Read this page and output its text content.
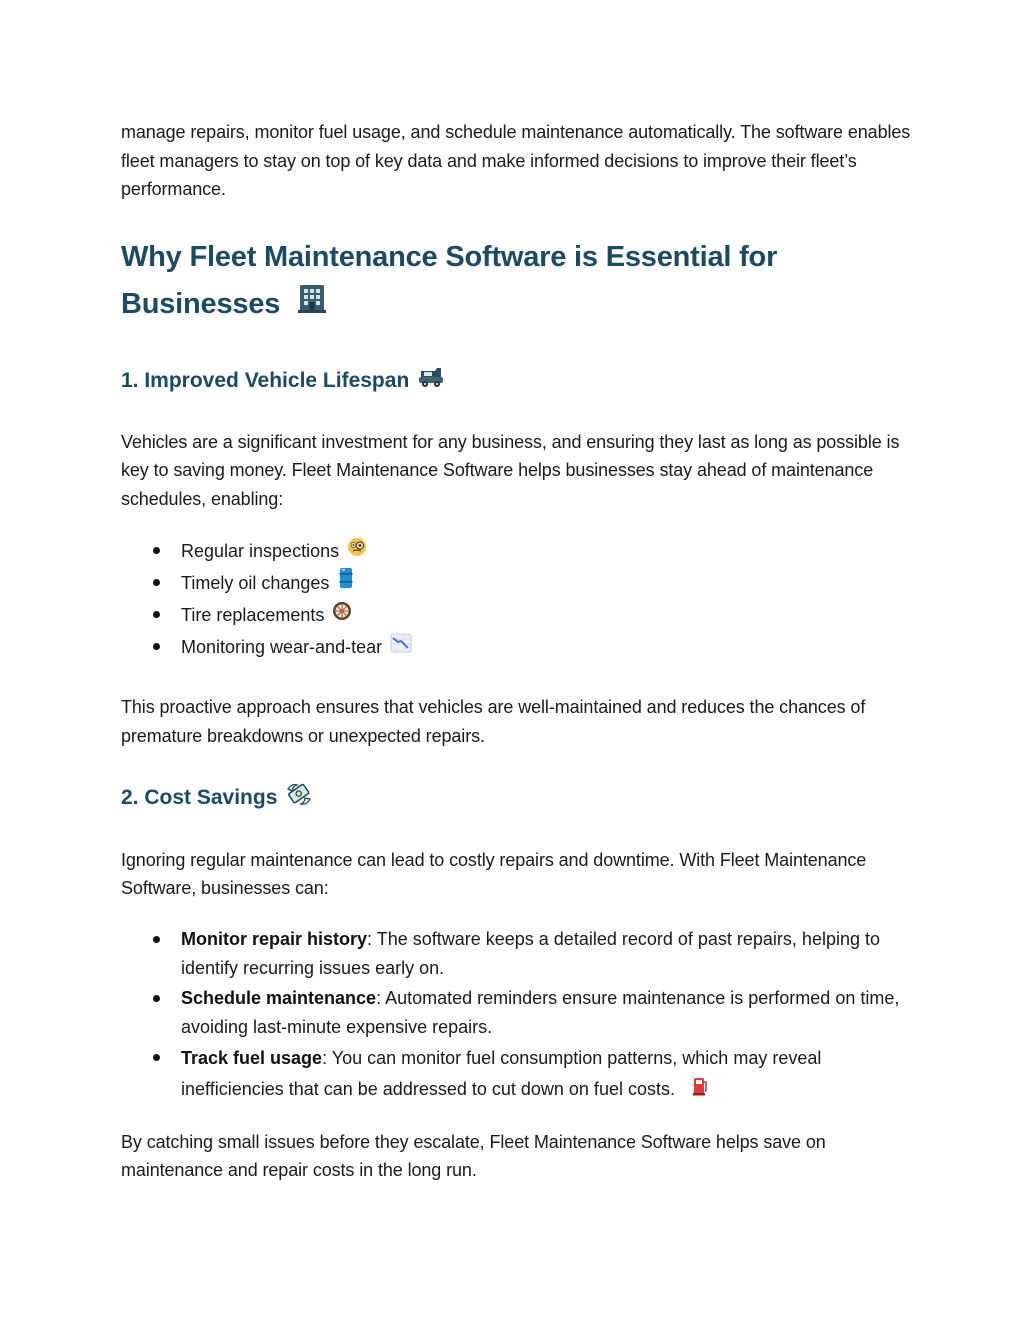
manage repairs, monitor fuel usage, and schedule maintenance automatically. The software enables fleet managers to stay on top of key data and make informed decisions to improve their fleet’s performance.

Why Fleet Maintenance Software is Essential for
Businesses
1. Improved Vehicle Lifespan

Vehicles are a significant investment for any business, and ensuring they last as long as possible is key to saving money. Fleet Maintenance Software helps businesses stay ahead of maintenance schedules, enabling:

Regular inspections
Timely oil changes
Tire replacements
Monitoring wear-and-tear

This proactive approach ensures that vehicles are well-maintained and reduces the chances of premature breakdowns or unexpected repairs.

2. Cost Savings

Ignoring regular maintenance can lead to costly repairs and downtime. With Fleet Maintenance Software, businesses can:

Monitor repair history: The software keeps a detailed record of past repairs, helping to identify recurring issues early on.
Schedule maintenance: Automated reminders ensure maintenance is performed on time, avoiding last-minute expensive repairs.
Track fuel usage: You can monitor fuel consumption patterns, which may reveal inefficiencies that can be addressed to cut down on fuel costs.

By catching small issues before they escalate, Fleet Maintenance Software helps save on maintenance and repair costs in the long run.
